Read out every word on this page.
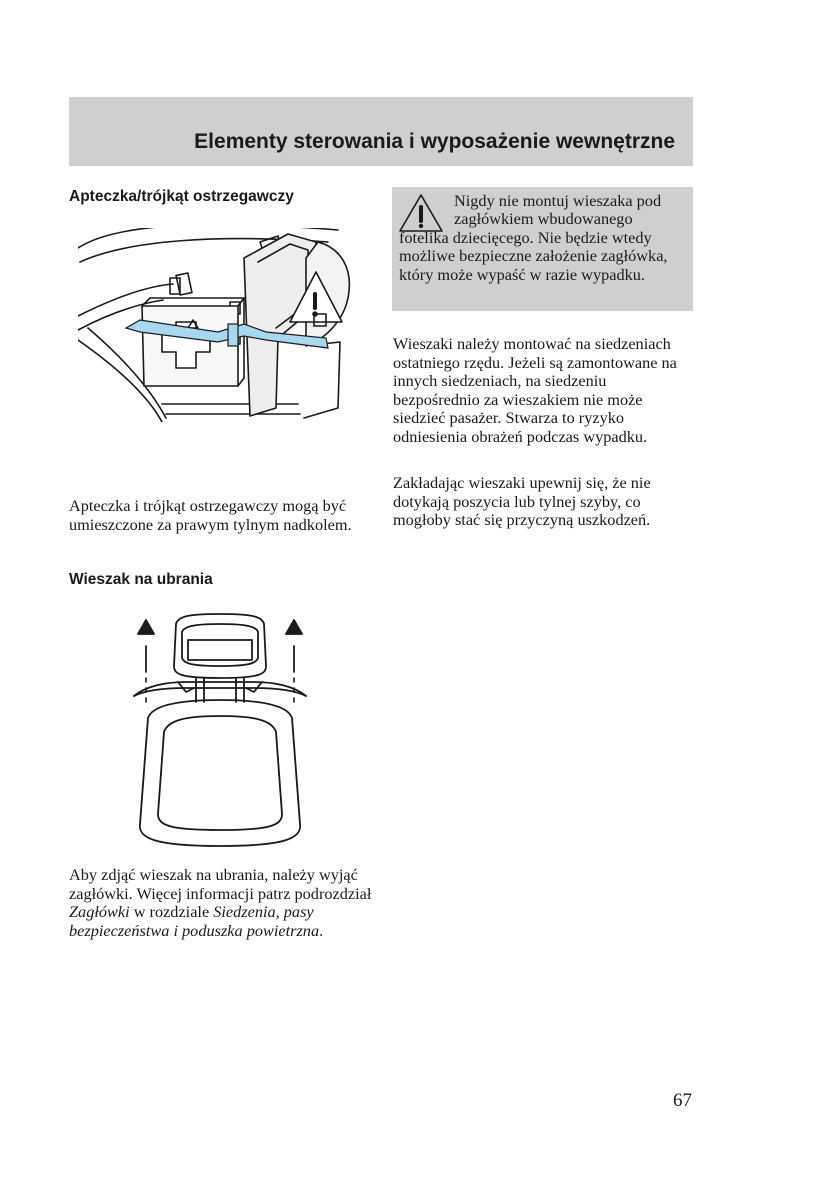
Elementy sterowania i wyposażenie wewnętrzne
Apteczka/trójkąt ostrzegawczy
Apteczka i trójkąt ostrzegawczy mogą być umieszczone za prawym tylnym nadkolem.
Wieszak na ubrania
Aby zdjąć wieszak na ubrania, należy wyjąć zagłówki. Więcej informacji patrz podrozdział Zagłówki w rozdziale Siedzenia, pasy bezpieczeństwa i poduszka powietrzna.
Nigdy nie montuj wieszaka pod
zagłówkiem wbudowanego
fotelika dziecięcego. Nie będzie wtedy możliwe bezpieczne założenie zagłówka, który może wypaść w razie wypadku.
Wieszaki należy montować na siedzeniach ostatniego rzędu. Jeżeli są zamontowane na innych siedzeniach, na siedzeniu bezpośrednio za wieszakiem nie może siedzieć pasażer. Stwarza to ryzyko odniesienia obrażeń podczas wypadku.
Zakładając wieszaki upewnij się, że nie dotykają poszycia lub tylnej szyby, co mogłoby stać się przyczyną uszkodzeń.
67
